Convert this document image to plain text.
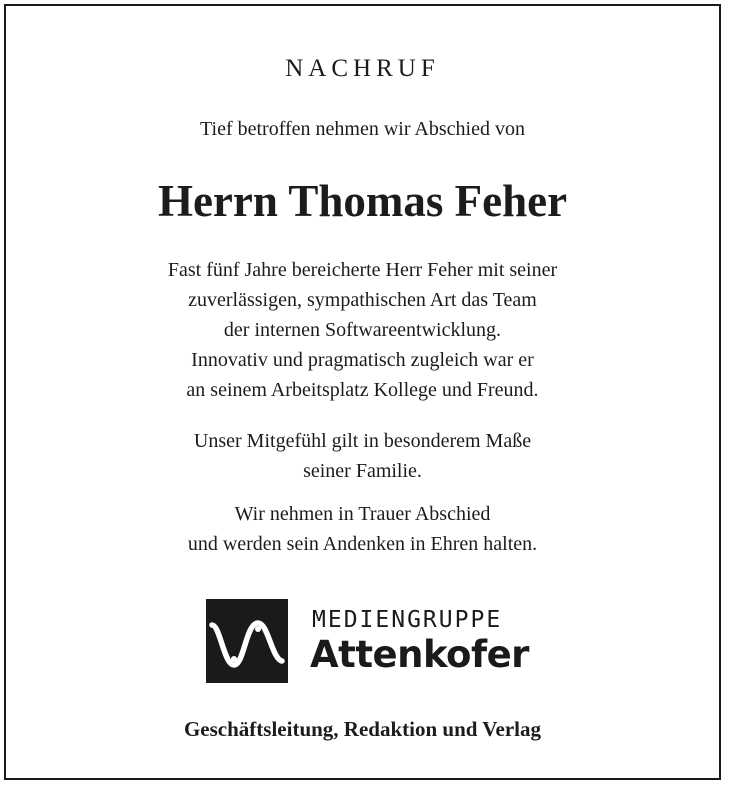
NACHRUF
Tief betroffen nehmen wir Abschied von
Herrn Thomas Feher
Fast fünf Jahre bereicherte Herr Feher mit seiner
zuverlässigen, sympathischen Art das Team
der internen Softwareentwicklung.
Innovativ und pragmatisch zugleich war er
an seinem Arbeitsplatz Kollege und Freund.
Unser Mitgefühl gilt in besonderem Maße
seiner Familie.
Wir nehmen in Trauer Abschied
und werden sein Andenken in Ehren halten.
MEDIENGRUPPE
Attenkofer
Geschäftsleitung, Redaktion und Verlag
